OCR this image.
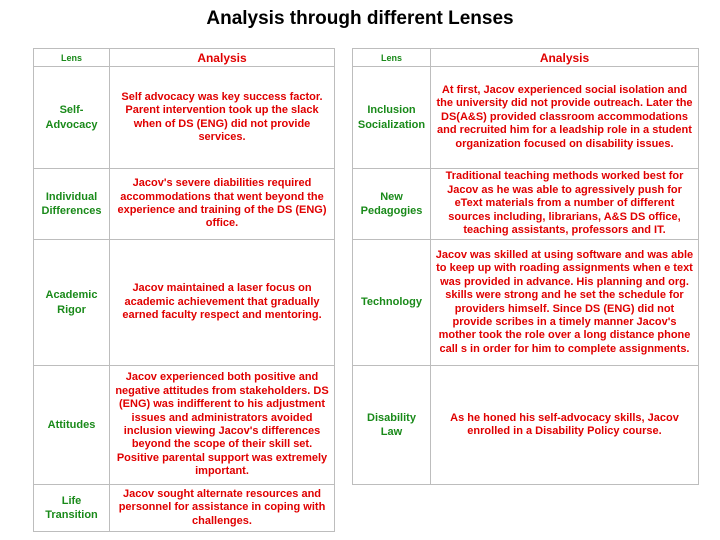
Analysis through different Lenses
Lens	Analysis
Self-
Advocacy	Self advocacy was key success factor. Parent intervention took up the slack when of DS (ENG) did not provide services.
Individual
Differences	Jacov's severe diabilities required accommodations that went beyond the experience and training of the DS (ENG) office.
Academic
Rigor	Jacov maintained a laser focus on academic achievement that gradually earned faculty respect and mentoring.
Attitudes	Jacov experienced both positive and negative attitudes from stakeholders. DS (ENG) was indifferent to his adjustment issues and administrators avoided inclusion viewing Jacov's differences beyond the scope of their skill set. Positive parental support was extremely important.
Life
Transition	Jacov sought alternate resources and personnel for assistance in coping with challenges.
Lens	Analysis
Inclusion
Socialization	At first, Jacov experienced social isolation and the university did not provide outreach. Later the DS(A&S) provided classroom accommodations and recruited him for a leadship role in a student organization focused on disability issues.
New
Pedagogies	Traditional teaching methods worked best for Jacov as he was able to agressively push for eText materials from a number of different sources including, librarians, A&S DS office, teaching assistants, professors and IT.
Technology	Jacov was skilled at using software and was able to keep up with roading assignments when e text was provided in advance. His planning and org. skills were strong and he set the schedule for providers himself. Since DS (ENG) did not provide scribes in a timely manner Jacov's mother took the role over a long distance phone call s in order for him to complete assignments.
Disability Law	As he honed his self-advocacy skills, Jacov enrolled in a Disability Policy course.
